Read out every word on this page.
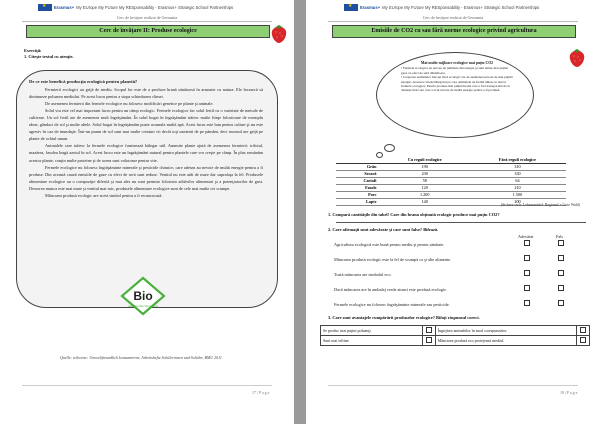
★
Erasmus+ My EUrope My FUture My RESponsability - Erasmus+ Strategic School Partnerships
Cerc de învăţare realizat de Germania
Cerc de învăţare II: Produse ecologice
Exerciţii:
1. Citeşte textul cu atenţie.
De ce este benefică producţia ecologică pentru planetă?

Fermierii ecologici au grijă de mediu. Scopul lor este de a produce hrană sănătoasă în armonie cu natura. Ele încearcă să diminueze poluarea mediului. Pe acest lucru pentru a stopa schimbarea climei.

De asemenea fermierii din fermele ecologice nu folosesc modificări genetice pe plante şi animale.

Solul viu este cel mai important lucru pentru un câmp ecologic. Fermele ecologice fac solul fertil cu o varietate de metode de cultivare. Un sol fertil are de asemenea mult îngrăşământ. În solul bogat în îngrăşământ trăiesc multe fiinţe folositoare de exemplu râme, gândaci de sol şi multe altele. Solul bogat în îngrăşământ poate acumula multă apă. Acest lucru este bun pentru culturi şi nu este agresiv în caz de inundaţie. Într-un pumn de sol sunt mai multe creaturi vii decât toţi oamenii de pe pământ, deci sezonul are grijă pe plante de ochiul uman.

Animalele care trăiesc la fermele ecologice furnizează bălegar util. Anumite plante ajută de asemenea fermierii: trifoiul, mazărea, fasolea leagă azotul în sol. Acest lucru este un îngrăşământ natural pentru plantele care vor creşte pe câmp. În plus semănăm acestor plante, conţin multe proteine şi de aceea sunt valoroase pentru vite.

Fermele ecologice nu folosesc îngrăşăminte minerale şi pesticide chimice, care adesea au nevoie de multă energie pentru a fi produse. Din această cauză emisiile de gaze cu efect de seră sunt reduse. Ventiul nu este atât de mare dar suprafaţa la fel. Produsele alimentare ecologice au o compoziţie diferită şi mai ales nu sunt permise folosirea aditivilor alimentari şi a potenţiatorilor de gust. Desrorea munca este mai mare şi ventiul mai mic, produsele alimentare ecologice sunt de cele mai multe ori scumpe.

Mâncarea produsă ecologic are acest simbol pentru a fi recunoscută:

Bio
nach EG-Öko-Verordnung
Quelle: teilweise: Umweltfreundlich konsumieren, Arbeitshefte Schülerinnen und Schüler, BMU 2011
17 | P a g e
★
Erasmus+ My EUrope My FUture My RESponsability - Erasmus+ Strategic School Partnerships
Cerc de învăţare realizat de Germania
Emisiile de CO2 cu sau fără norme ecologice privind agricultura
Mai multe mijloace ecologice mai puţin CO2
• Fermele ecologice au nevoie de jumătate din energie şi sunt emise mai puţine gaze cu efect de seră dăunătoare.
• Creşterea animalelor într-un mod ecologic are de asemenea nevoie de mai puţină energie, deoarece vitele/bălegarul pe care animalele de fermă trăiesc le dau la fermele ecologice. Pentru produse mai puţină hrană care a fost transportată de la distanţe mari sau care a avut nevoie de multă energie pentru a fi produsă.
	Cu reguli ecologice	Fără reguli ecologice
Grâu	190	310
Secară	230	330
Cartofi	58	64
Fasole	120	210
Porc	1.200	1.500
Lapte	140	200
(Sichere rach: Lebensmittel: Regional + Gute Wahl)
1. Compară cantităţile din tabel! Care din hrana obţinută ecologic produce mai puţin CO2?
2. Care afirmaţii sunt adevărate şi care sunt false? Bifează.
Adevărat	Fals
Agricultura ecologică este bună pentru mediu şi pentru sănătate.
Mâncarea produsă ecologic este la fel de scumpă ca şi alte alimente.
Toată mâncarea are simbolul eco.
Dacă mâncarea are în ambalaj verde atunci este produsă ecologic.
Fermele ecologice nu folosesc îngrăşăminte minerale sau pesticide.
3. Care sunt avantajele cumpărării produselor ecologice? Bifaţi răspunsul corect.
Se produc mai puţini poluanţi.		Îngrijirea animalelor în mod corespunzător.	
Sunt mai ieftine.		Mâncarea produsă eco protejează mediul.	
18 | P a g e
